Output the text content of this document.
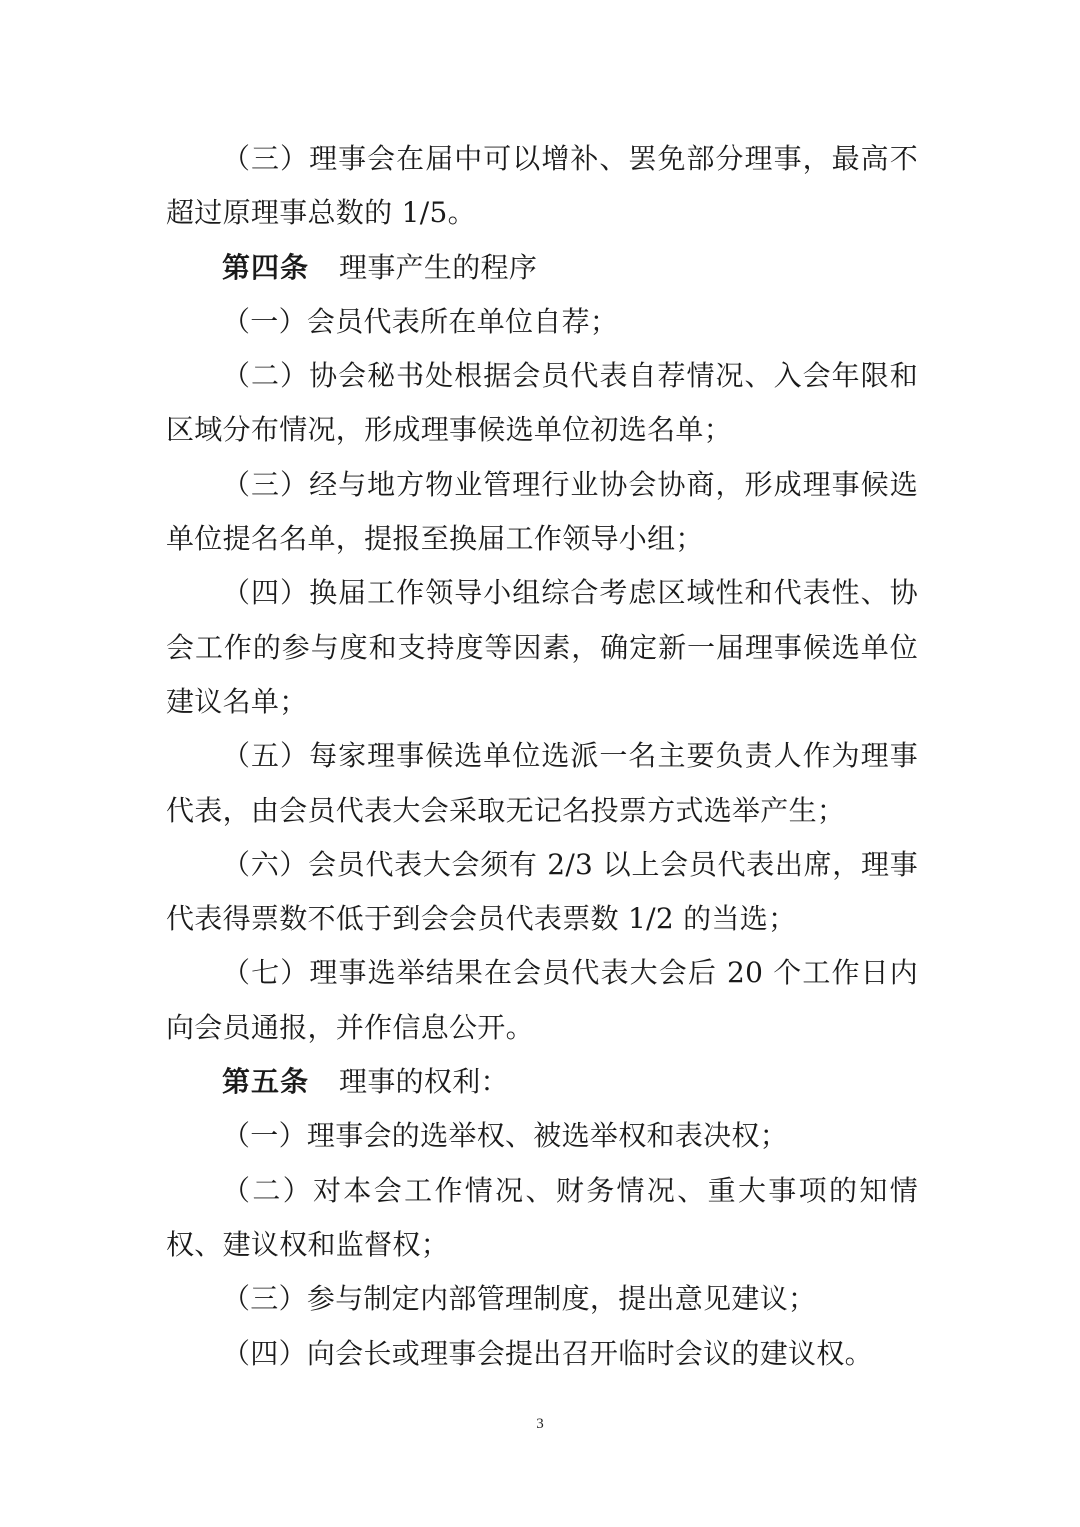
（三）理事会在届中可以增补、罢免部分理事，最高不超过原理事总数的 1/5。

第四条 理事产生的程序

（一）会员代表所在单位自荐；

（二）协会秘书处根据会员代表自荐情况、入会年限和区域分布情况，形成理事候选单位初选名单；

（三）经与地方物业管理行业协会协商，形成理事候选单位提名名单，提报至换届工作领导小组；

（四）换届工作领导小组综合考虑区域性和代表性、协会工作的参与度和支持度等因素，确定新一届理事候选单位建议名单；

（五）每家理事候选单位选派一名主要负责人作为理事代表，由会员代表大会采取无记名投票方式选举产生；

（六）会员代表大会须有 2/3 以上会员代表出席，理事代表得票数不低于到会会员代表票数 1/2 的当选；

（七）理事选举结果在会员代表大会后 20 个工作日内向会员通报，并作信息公开。

第五条 理事的权利：

（一）理事会的选举权、被选举权和表决权；

（二）对本会工作情况、财务情况、重大事项的知情权、建议权和监督权；

（三）参与制定内部管理制度，提出意见建议；

（四）向会长或理事会提出召开临时会议的建议权。

3
